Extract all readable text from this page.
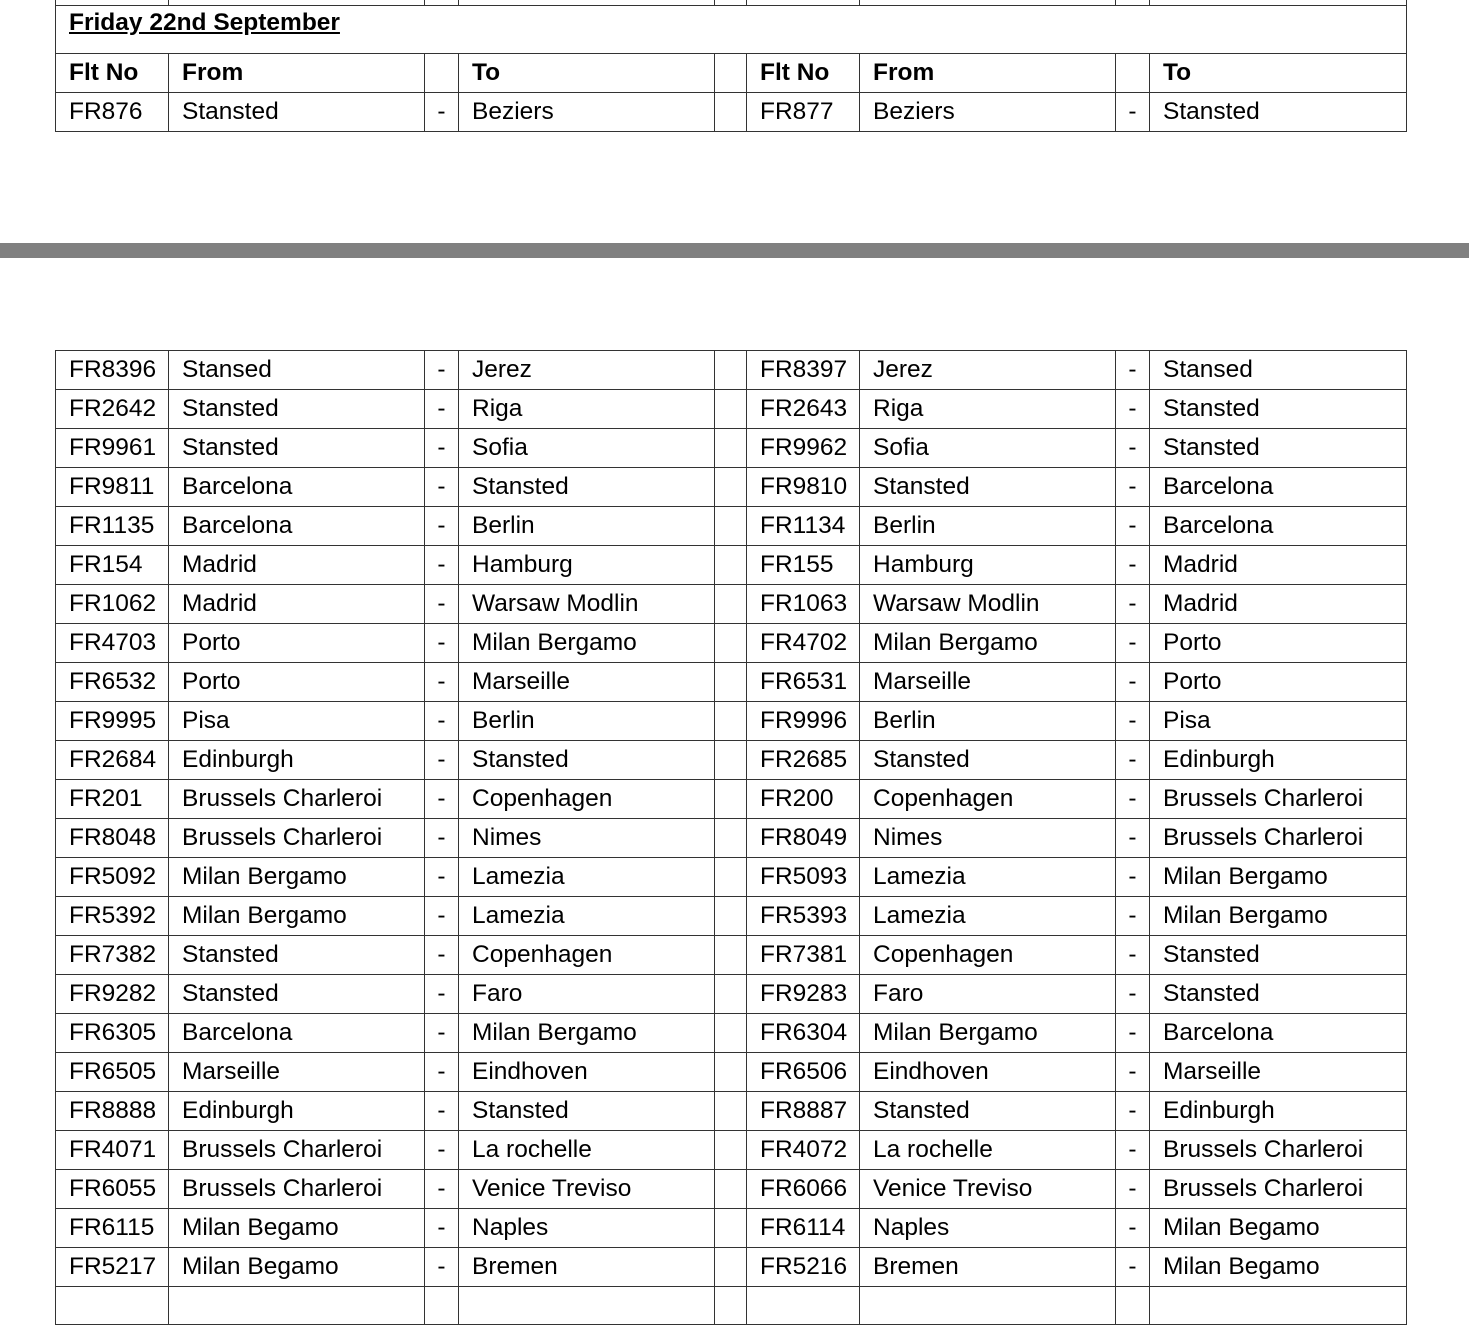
Friday 22nd September								
Flt No	From		To		Flt No	From		To
FR876	Stansted	-	Beziers		FR877	Beziers	-	Stansted
FR8396	Stansed	-	Jerez		FR8397	Jerez	-	Stansed
FR2642	Stansted	-	Riga		FR2643	Riga	-	Stansted
FR9961	Stansted	-	Sofia		FR9962	Sofia	-	Stansted
FR9811	Barcelona	-	Stansted		FR9810	Stansted	-	Barcelona
FR1135	Barcelona	-	Berlin		FR1134	Berlin	-	Barcelona
FR154	Madrid	-	Hamburg		FR155	Hamburg	-	Madrid
FR1062	Madrid	-	Warsaw Modlin		FR1063	Warsaw Modlin	-	Madrid
FR4703	Porto	-	Milan Bergamo		FR4702	Milan Bergamo	-	Porto
FR6532	Porto	-	Marseille		FR6531	Marseille	-	Porto
FR9995	Pisa	-	Berlin		FR9996	Berlin	-	Pisa
FR2684	Edinburgh	-	Stansted		FR2685	Stansted	-	Edinburgh
FR201	Brussels Charleroi	-	Copenhagen		FR200	Copenhagen	-	Brussels Charleroi
FR8048	Brussels Charleroi	-	Nimes		FR8049	Nimes	-	Brussels Charleroi
FR5092	Milan Bergamo	-	Lamezia		FR5093	Lamezia	-	Milan Bergamo
FR5392	Milan Bergamo	-	Lamezia		FR5393	Lamezia	-	Milan Bergamo
FR7382	Stansted	-	Copenhagen		FR7381	Copenhagen	-	Stansted
FR9282	Stansted	-	Faro		FR9283	Faro	-	Stansted
FR6305	Barcelona	-	Milan Bergamo		FR6304	Milan Bergamo	-	Barcelona
FR6505	Marseille	-	Eindhoven		FR6506	Eindhoven	-	Marseille
FR8888	Edinburgh	-	Stansted		FR8887	Stansted	-	Edinburgh
FR4071	Brussels Charleroi	-	La rochelle		FR4072	La rochelle	-	Brussels Charleroi
FR6055	Brussels Charleroi	-	Venice Treviso		FR6066	Venice Treviso	-	Brussels Charleroi
FR6115	Milan Begamo	-	Naples		FR6114	Naples	-	Milan Begamo
FR5217	Milan Begamo	-	Bremen		FR5216	Bremen	-	Milan Begamo
